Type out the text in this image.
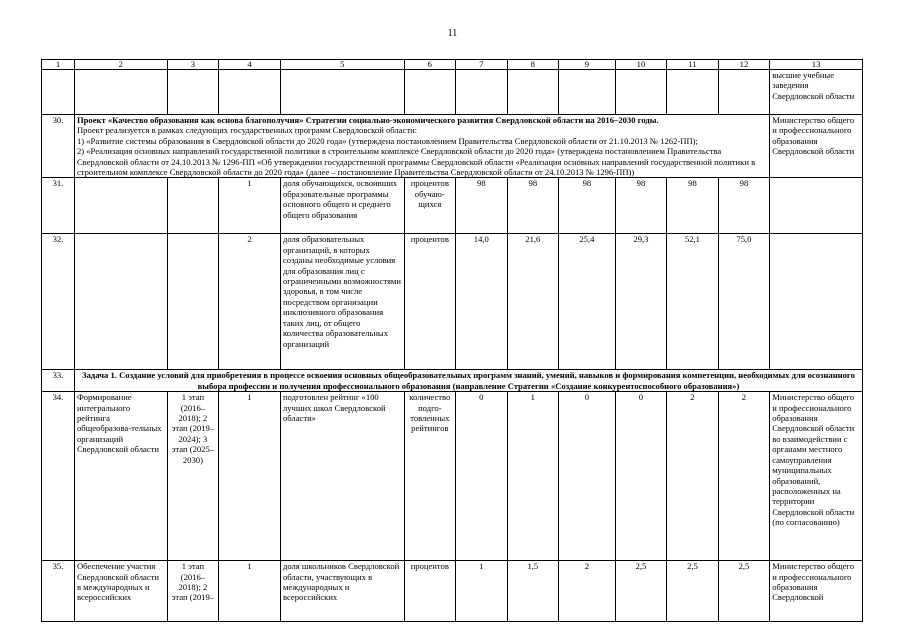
11
1	2	3	4	5	6	7	8	9	10	11	12	13
												высшие учебные заведения Свердловской области
30.	Проект «Качество образования как основа благополучия» Стратегии социально-экономического развития Свердловской области на 2016–2030 годы.

Проект реализуется в рамках следующих государственных программ Свердловской области:

1) «Развитие системы образования в Свердловской области до 2020 года» (утверждена постановлением Правительства Свердловской области от 21.10.2013 № 1262-ПП);

2) «Реализация основных направлений государственной политики в строительном комплексе Свердловской области до 2020 года» (утверждена постановлением Правительства Свердловской области от 24.10.2013 № 1296-ПП «Об утверждении государственной программы Свердловской области «Реализация основных направлений государственной политики в строительном комплексе Свердловской области до 2020 года» (далее – постановление Правительства Свердловской области от 24.10.2013 № 1296-ПП))											Министерство общего и профессионального образования Свердловской области
31.			1	доля обучающихся, освоивших образовательные программы основного общего и среднего общего образования	процентов обучаю-щихся	98	98	98	98	98	98	
32.			2	доля образовательных организаций, в которых созданы необходимые условия для образования лиц с ограниченными возможностями здоровья, в том числе посредством организации инклюзивного образования таких лиц, от общего количества образовательных организаций	процентов	14,0	21,6	25,4	29,3	52,1	75,0	
33.	Задача 1. Создание условий для приобретения в процессе освоения основных общеобразовательных программ знаний, умений, навыков и формирования компетенции, необходимых для осознанного выбора профессии и получения профессионального образования (направление Стратегии «Создание конкурентоспособного образования»)											
34.	Формирование интегрального рейтинга общеобразова-тельных организаций Свердловской области	1 этап (2016–2018); 2 этап (2019–2024); 3 этап (2025–2030)	1	подготовлен рейтинг «100 лучших школ Свердловской области»	количество подго-товленных рейтингов	0	1	0	0	2	2	Министерство общего и профессионального образования Свердловской области во взаимодействии с органами местного самоуправления муниципальных образований, расположенных на территории Свердловской области (по согласованию)
35.	Обеспечение участия Свердловской области в международных и всероссийских	1 этап (2016–2018); 2 этап (2019–	1	доля школьников Свердловской области, участвующих в международных и всероссийских	процентов	1	1,5	2	2,5	2,5	2,5	Министерство общего и профессионального образования Свердловской
